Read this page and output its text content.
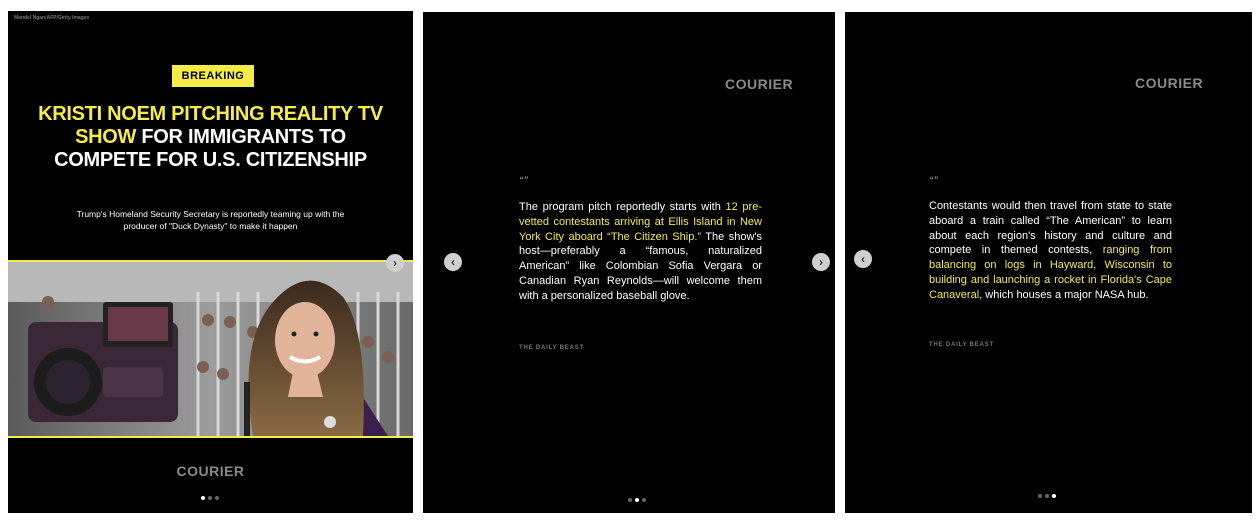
Mandel Ngan/AFP/Getty Images
BREAKING
KRISTI NOEM PITCHING REALITY TV SHOW FOR IMMIGRANTS TO COMPETE FOR U.S. CITIZENSHIP
Trump's Homeland Security Secretary is reportedly teaming up with the producer of "Duck Dynasty" to make it happen
›
COURIER
COURIER
‹	›
“”
The program pitch reportedly starts with 12 pre-vetted contestants arriving at Ellis Island in New York City aboard “The Citizen Ship.” The show's host—preferably a “famous, naturalized American” like Colombian Sofia Vergara or Canadian Ryan Reynolds—will welcome them with a personalized baseball glove.
THE DAILY BEAST
COURIER
‹
“”
Contestants would then travel from state to state aboard a train called “The American” to learn about each region's history and culture and compete in themed contests, ranging from balancing on logs in Hayward, Wisconsin to building and launching a rocket in Florida's Cape Canaveral, which houses a major NASA hub.
THE DAILY BEAST
